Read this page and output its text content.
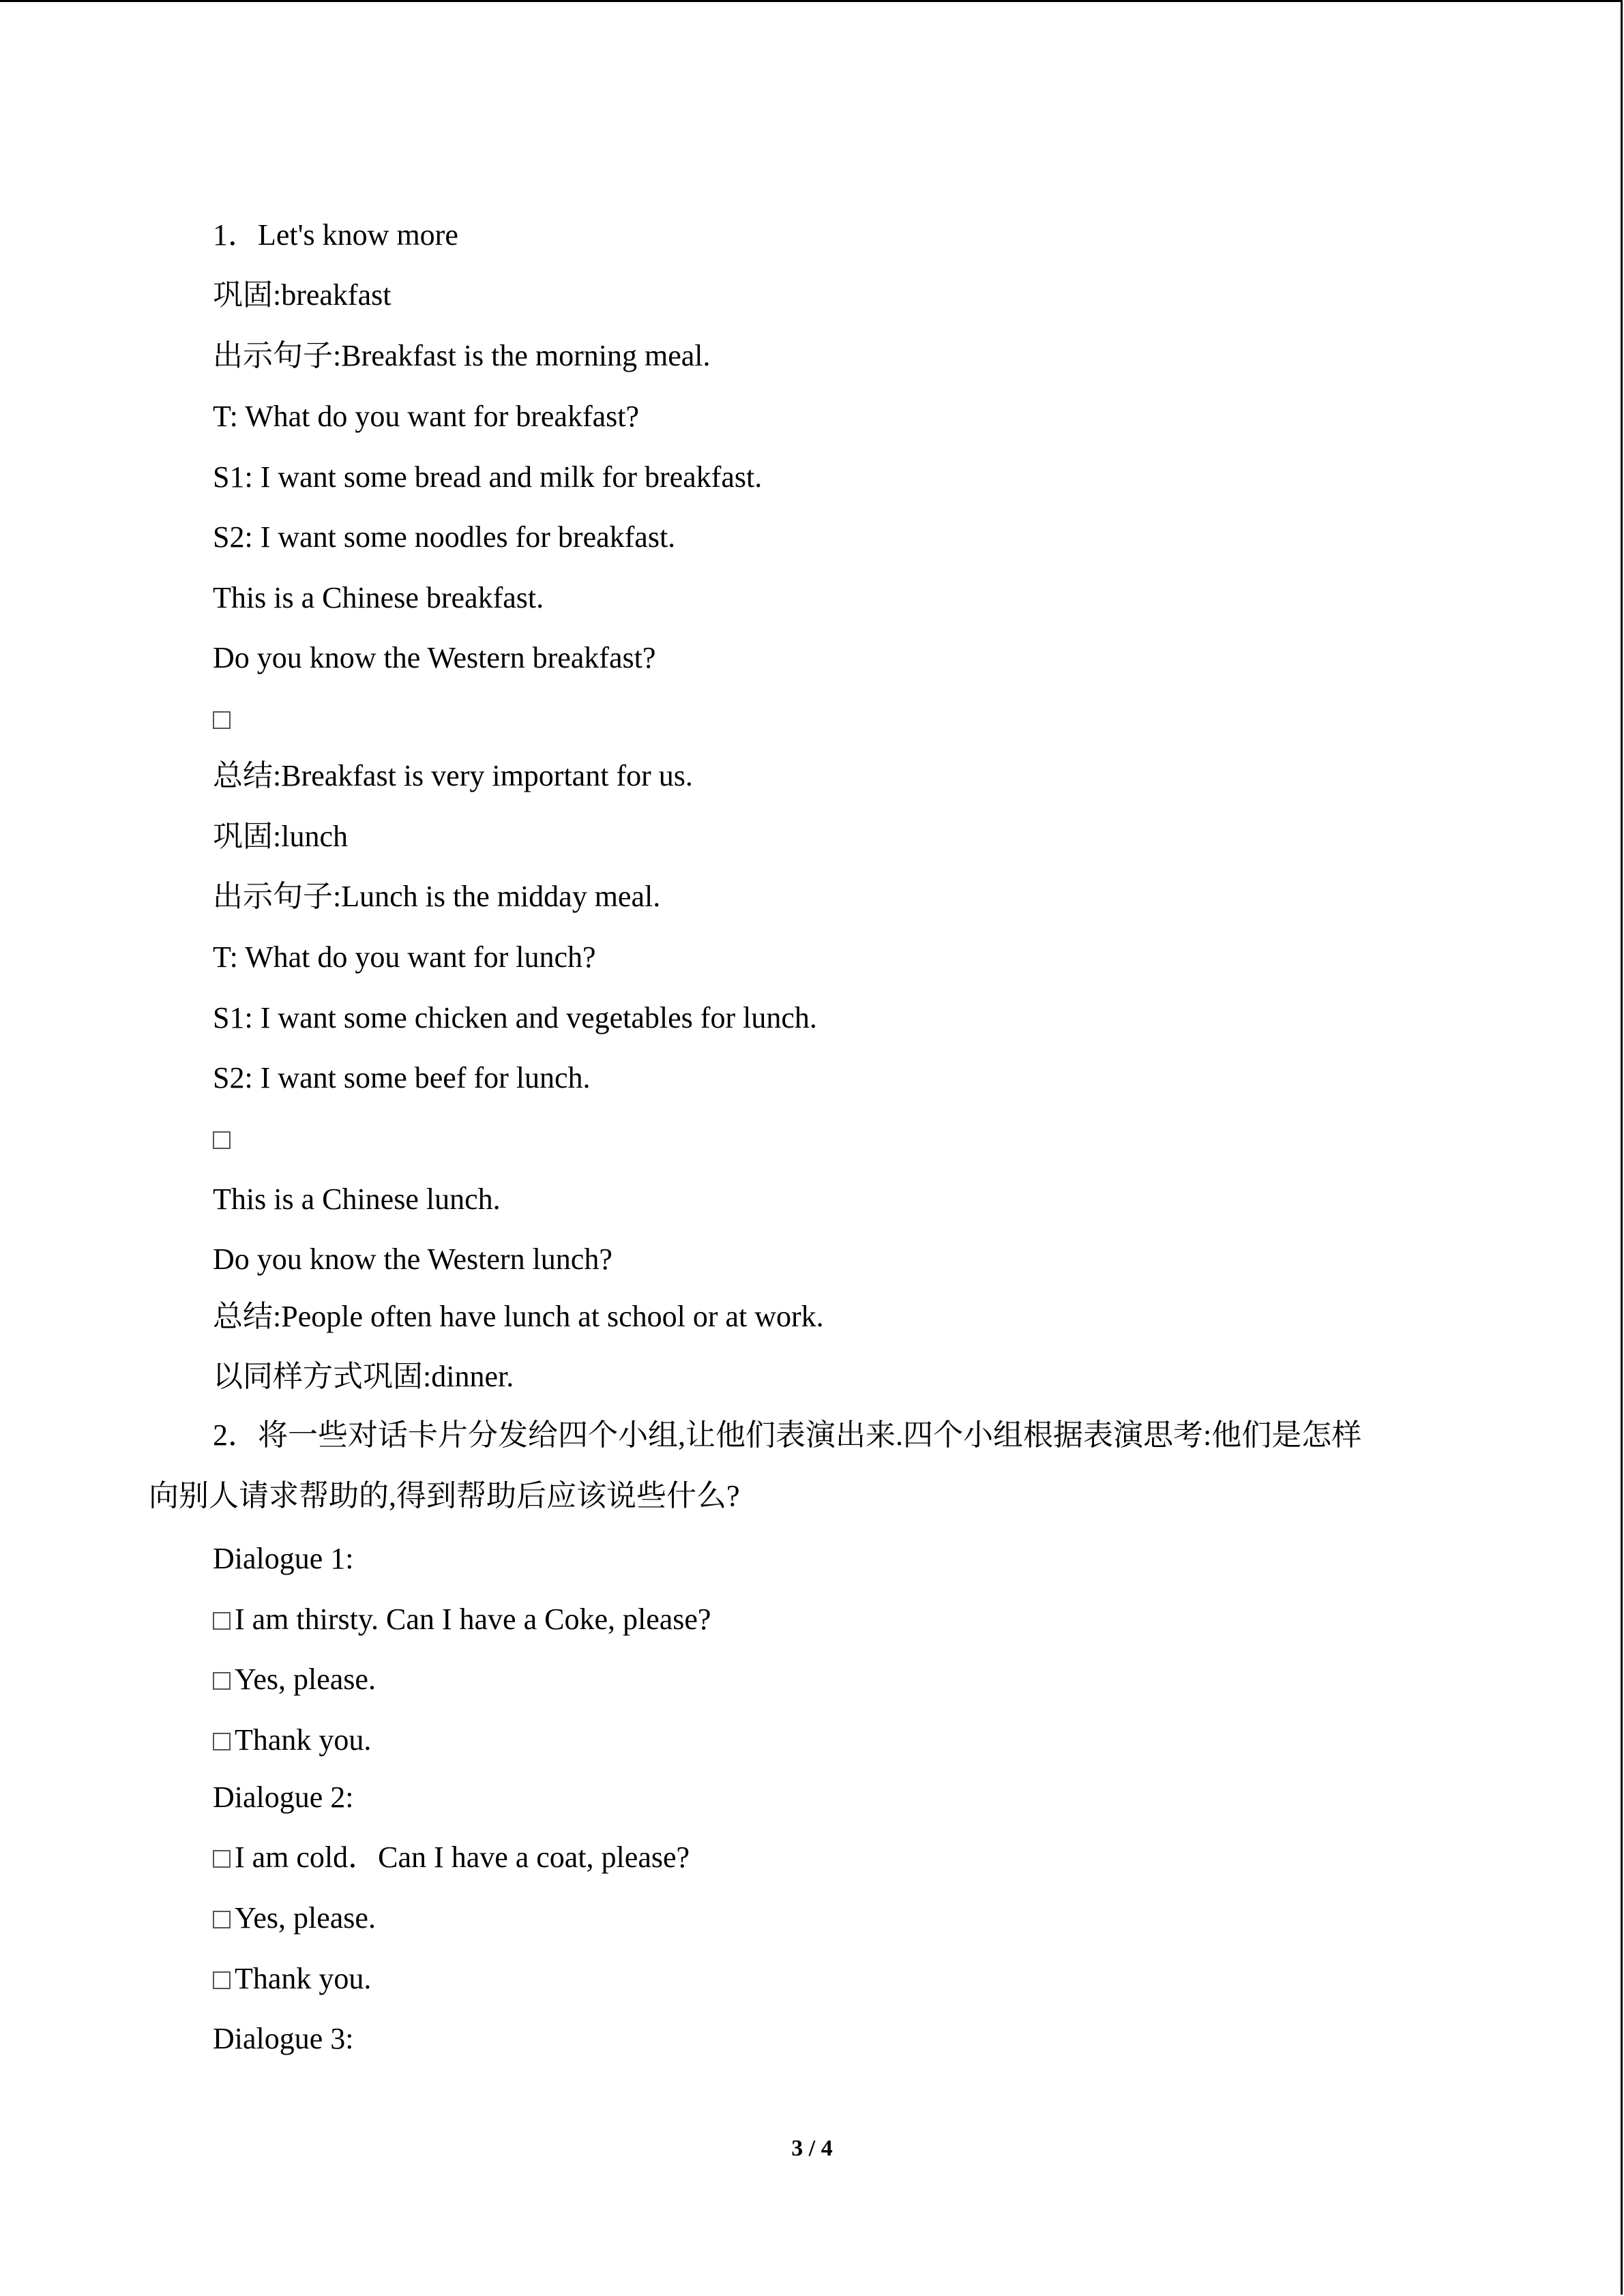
1．Let's know more
巩固:breakfast
出示句子:Breakfast is the morning meal.
T: What do you want for breakfast?
S1: I want some bread and milk for breakfast.
S2: I want some noodles for breakfast.
This is a Chinese breakfast.
Do you know the Western breakfast?
总结:Breakfast is very important for us.
巩固:lunch
出示句子:Lunch is the midday meal.
T: What do you want for lunch?
S1: I want some chicken and vegetables for lunch.
S2: I want some beef for lunch.
This is a Chinese lunch.
Do you know the Western lunch?
总结:People often have lunch at school or at work.
以同样方式巩固:dinner.
2．将一些对话卡片分发给四个小组,让他们表演出来.四个小组根据表演思考:他们是怎样
向别人请求帮助的,得到帮助后应该说些什么?
Dialogue 1:
I am thirsty. Can I have a Coke, please?
Yes, please.
Thank you.
Dialogue 2:
I am cold．Can I have a coat, please?
Yes, please.
Thank you.
Dialogue 3:
3 / 4
